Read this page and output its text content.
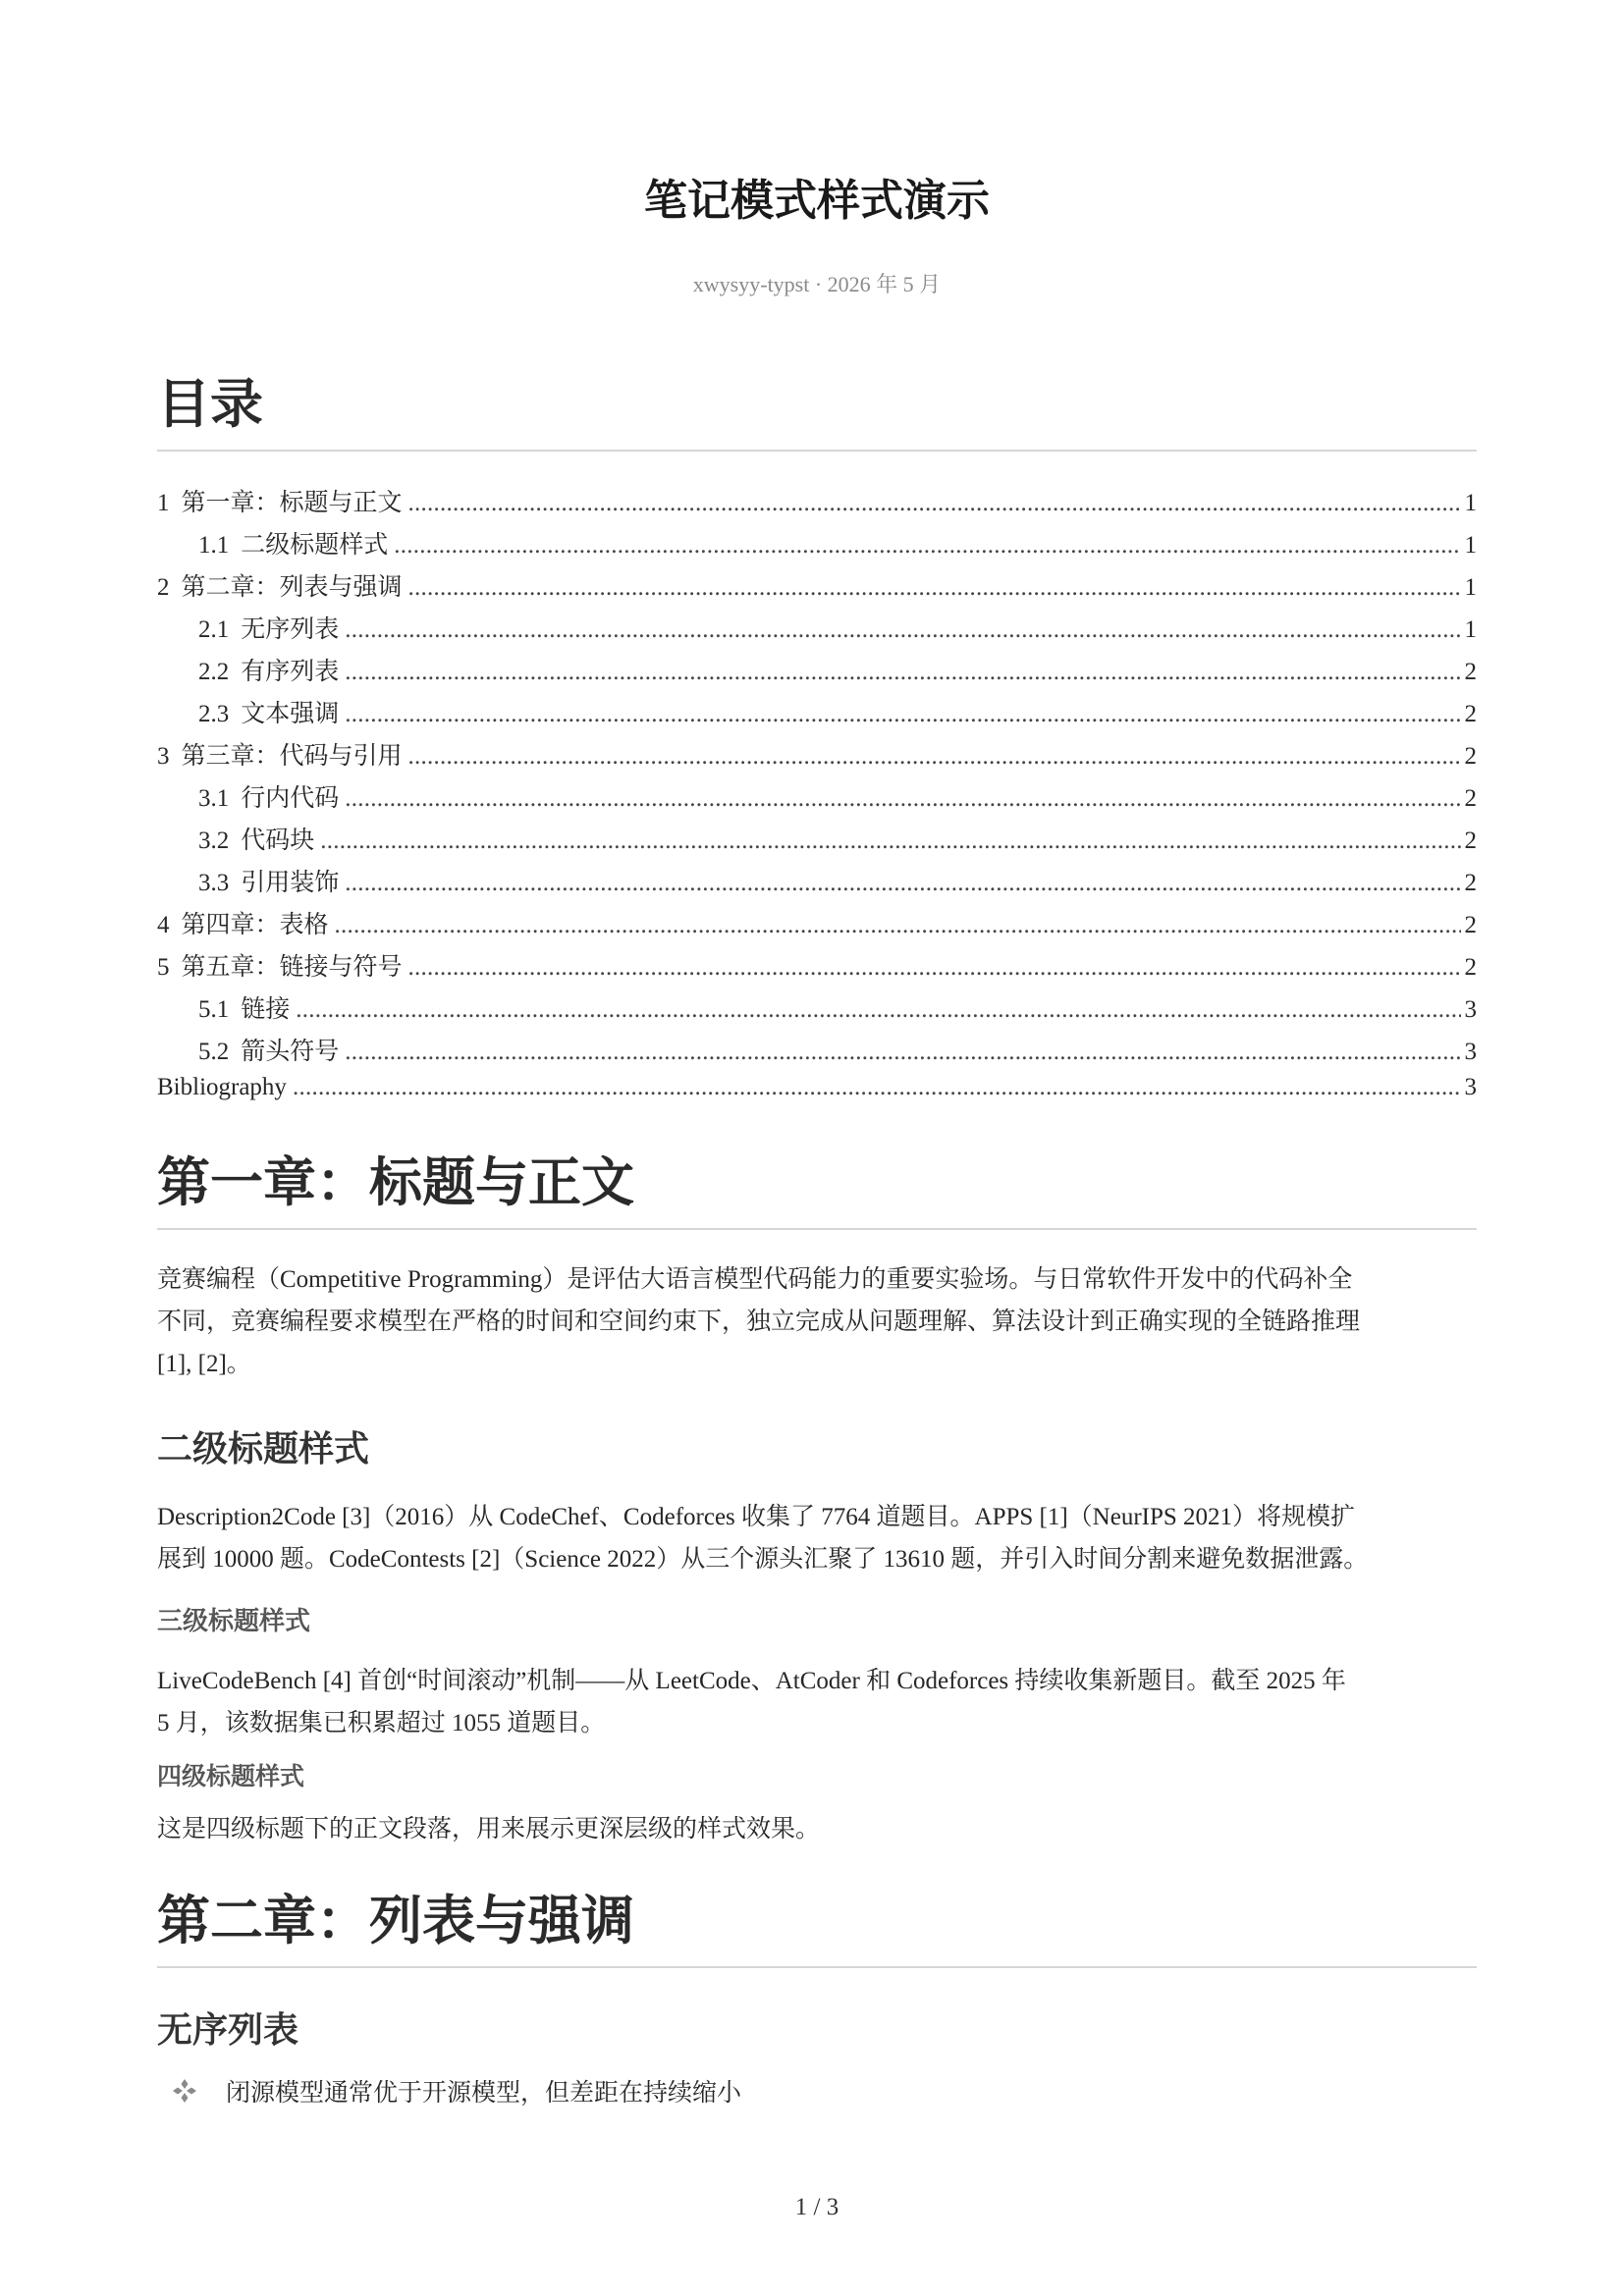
笔记模式样式演示
xwysyy-typst · 2026 年 5 月
目录
1 第一章：标题与正文 . . .	1
1.1 二级标题样式 . . .	1
2 第二章：列表与强调 . . .	1
2.1 无序列表 . . .	1
2.2 有序列表 . . .	2
2.3 文本强调 . . .	2
3 第三章：代码与引用 . . .	2
3.1 行内代码 . . .	2
3.2 代码块 . . .	2
3.3 引用装饰 . . .	2
4 第四章：表格 . . .	2
5 第五章：链接与符号 . . .	2
5.1 链接 . . .	3
5.2 箭头符号 . . .	3
Bibliography . . .	3
第一章：标题与正文

竞赛编程（Competitive Programming）是评估大语言模型代码能力的重要实验场。与日常软件开发中的代码补全
不同，竞赛编程要求模型在严格的时间和空间约束下，独立完成从问题理解、算法设计到正确实现的全链路推理
[1], [2]。

二级标题样式

Description2Code [3]（2016）从 CodeChef、Codeforces 收集了 7764 道题目。APPS [1]（NeurIPS 2021）将规模扩
展到 10000 题。CodeContests [2]（Science 2022）从三个源头汇聚了 13610 题，并引入时间分割来避免数据泄露。

三级标题样式

LiveCodeBench [4] 首创“时间滚动”机制——从 LeetCode、AtCoder 和 Codeforces 持续收集新题目。截至 2025 年
5 月，该数据集已积累超过 1055 道题目。

四级标题样式

这是四级标题下的正文段落，用来展示更深层级的样式效果。

第二章：列表与强调
无序列表
闭源模型通常优于开源模型，但差距在持续缩小
1 / 3
